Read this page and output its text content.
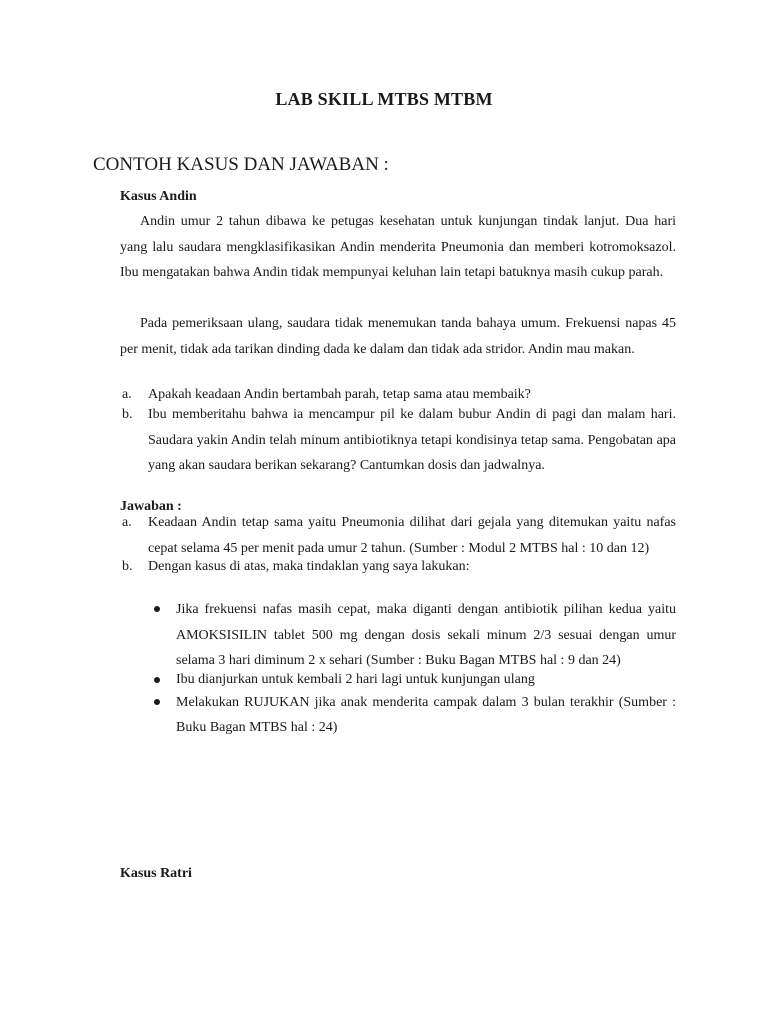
LAB SKILL MTBS MTBM
CONTOH KASUS DAN JAWABAN :
Kasus Andin

Andin umur 2 tahun dibawa ke petugas kesehatan untuk kunjungan tindak lanjut. Dua hari yang lalu saudara mengklasifikasikan Andin menderita Pneumonia dan memberi kotromoksazol. Ibu mengatakan bahwa Andin tidak mempunyai keluhan lain tetapi batuknya masih cukup parah.

Pada pemeriksaan ulang, saudara tidak menemukan tanda bahaya umum. Frekuensi napas 45 per menit, tidak ada tarikan dinding dada ke dalam dan tidak ada stridor. Andin mau makan.

a. Apakah keadaan Andin bertambah parah, tetap sama atau membaik?
b. Ibu memberitahu bahwa ia mencampur pil ke dalam bubur Andin di pagi dan malam hari. Saudara yakin Andin telah minum antibiotiknya tetapi kondisinya tetap sama. Pengobatan apa yang akan saudara berikan sekarang? Cantumkan dosis dan jadwalnya.
Jawaban :
a. Keadaan Andin tetap sama yaitu Pneumonia dilihat dari gejala yang ditemukan yaitu nafas cepat selama 45 per menit pada umur 2 tahun. (Sumber : Modul 2 MTBS hal : 10 dan 12)
b. Dengan kasus di atas, maka tindaklan yang saya lakukan:
Jika frekuensi nafas masih cepat, maka diganti dengan antibiotik pilihan kedua yaitu AMOKSISILIN tablet 500 mg dengan dosis sekali minum 2/3 sesuai dengan umur selama 3 hari diminum 2 x sehari (Sumber : Buku Bagan MTBS hal : 9 dan 24)
Ibu dianjurkan untuk kembali 2 hari lagi untuk kunjungan ulang
Melakukan RUJUKAN jika anak menderita campak dalam 3 bulan terakhir (Sumber : Buku Bagan MTBS hal : 24)
Kasus Ratri
